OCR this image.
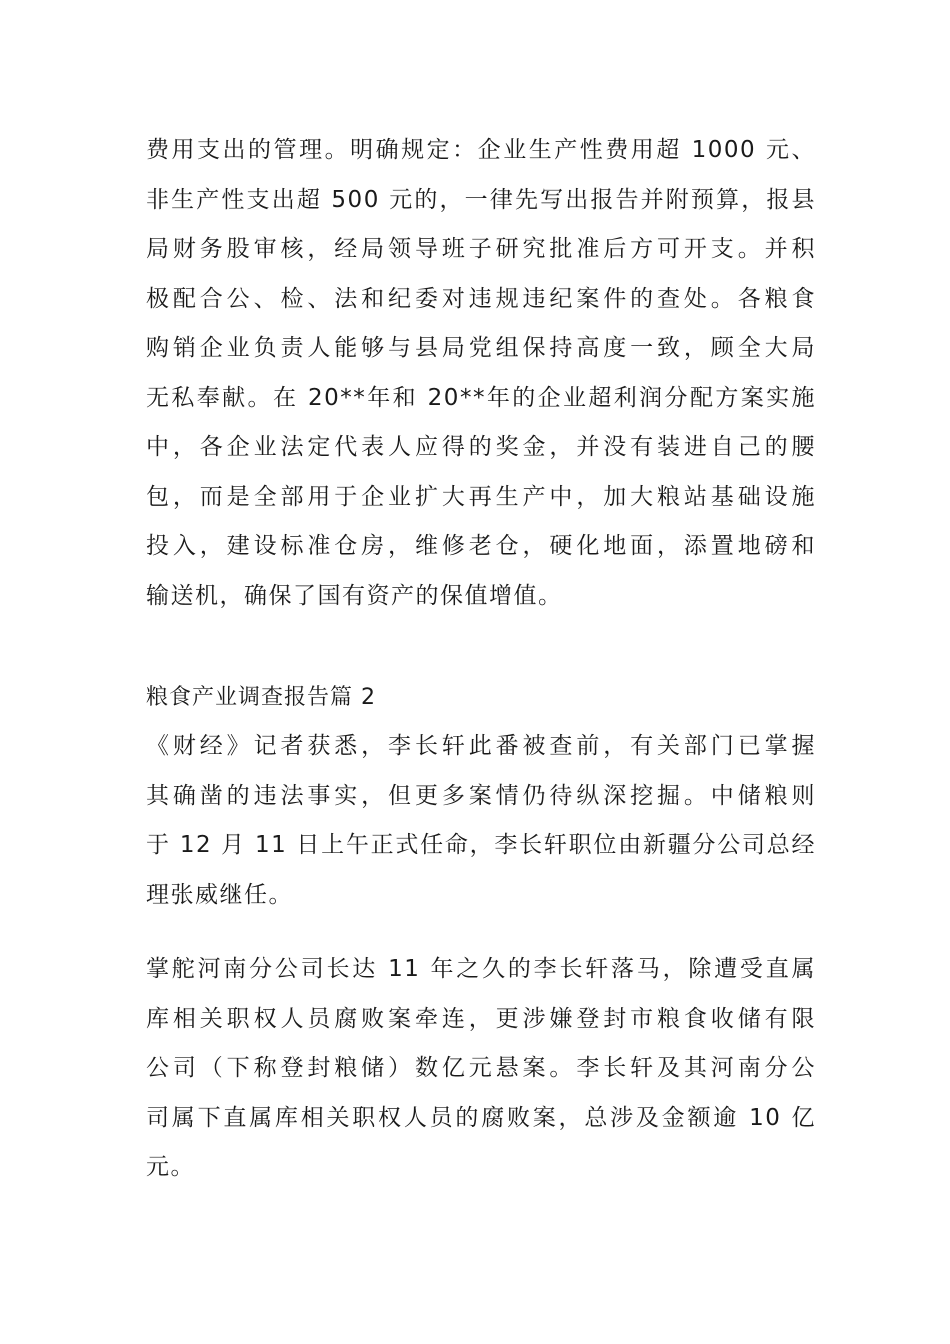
费用支出的管理。明确规定：企业生产性费用超 1000 元、
非生产性支出超 500 元的，一律先写出报告并附预算，报县
局财务股审核，经局领导班子研究批准后方可开支。并积
极配合公、检、法和纪委对违规违纪案件的查处。各粮食
购销企业负责人能够与县局党组保持高度一致，顾全大局
无私奉献。在 20**年和 20**年的企业超利润分配方案实施
中，各企业法定代表人应得的奖金，并没有装进自己的腰
包，而是全部用于企业扩大再生产中，加大粮站基础设施
投入，建设标准仓房，维修老仓，硬化地面，添置地磅和
输送机，确保了国有资产的保值增值。
粮食产业调查报告篇 2
《财经》记者获悉，李长轩此番被查前，有关部门已掌握
其确凿的违法事实，但更多案情仍待纵深挖掘。中储粮则
于 12 月 11 日上午正式任命，李长轩职位由新疆分公司总经
理张威继任。
掌舵河南分公司长达 11 年之久的李长轩落马，除遭受直属
库相关职权人员腐败案牵连，更涉嫌登封市粮食收储有限
公司（下称登封粮储）数亿元悬案。李长轩及其河南分公
司属下直属库相关职权人员的腐败案，总涉及金额逾 10 亿
元。
